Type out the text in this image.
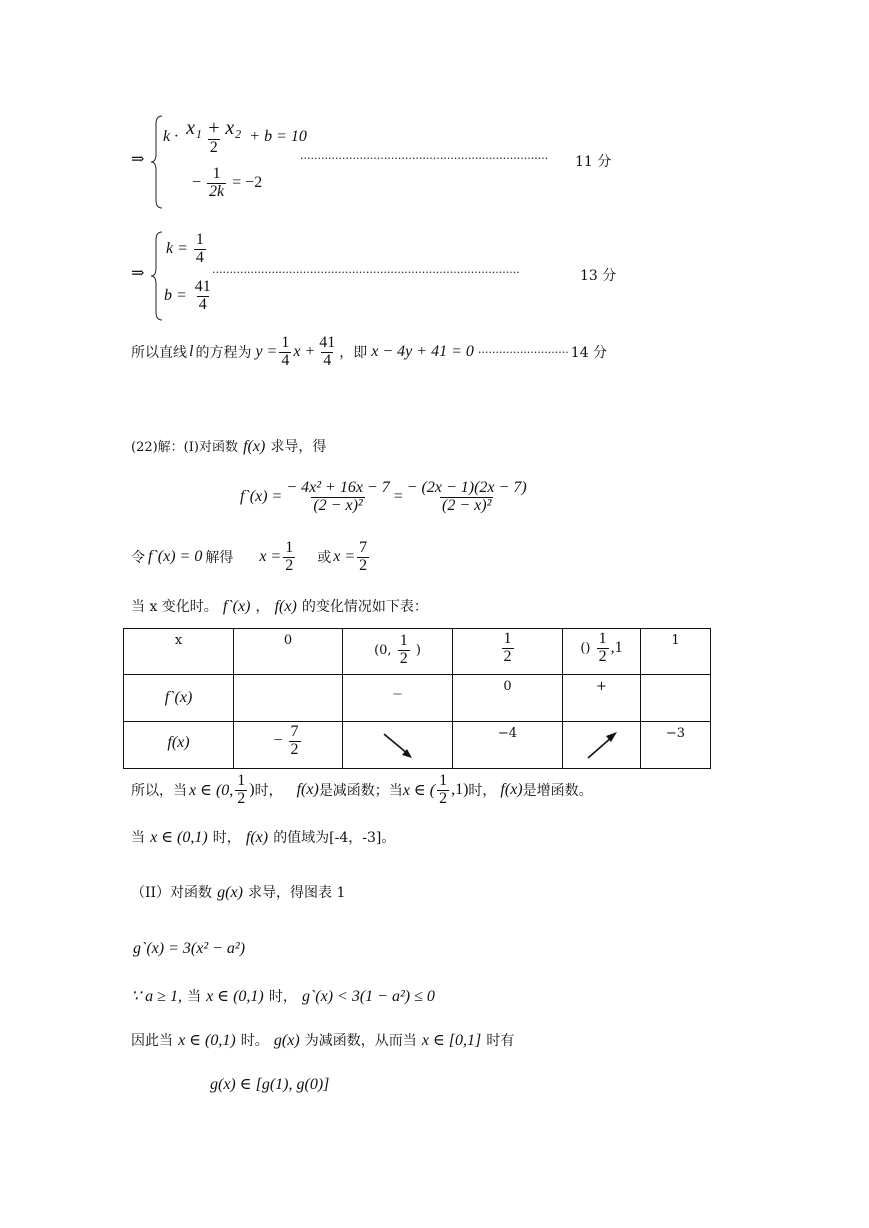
⇒
$k \cdot \frac{\text{x₁ + x₂}}{2} + b = 10$
− $\frac{1}{2k} = -2$
·······································································	11 分
⇒
$k = \frac{1}{4}$
$b = \frac{41}{4}$
························································································	13 分
所以直线 l 的方程为 $y = \frac{1}{4}$ $x + \frac{41}{4}$ ，即 x − 4y + 41 = 0 ·························· 14 分
(22)解：(Ⅰ)对函数 f(x) 求导，得
f`(x) = $\frac{\text{− 4x² + 16x − 7}}{\text{(2 − x)²}} = \frac{- (2x - 1)(2x - 7)}{\text{(2 − x)²}}$
令 f`(x) = 0 解得 $x = \frac{1}{2}$ 或 $x = \frac{7}{2}$
当 x 变化时。 f`(x) ， f(x) 的变化情况如下表：
x	0	(0, $\frac{1}{2}$ )	$\frac{1}{2}$	() $\frac{1}{2} ,1$	1

f`(x)		−	0	+	

f(x)	− $\frac{7}{2}$		−4		−3
所以，当 x ∈ (0, $\frac{1}{2}$ ) 时， f(x) 是减函数；当 x ∈ ( $\frac{1}{2} ,1$) 时， f(x) 是增函数。
当 x ∈ (0,1) 时， f(x) 的值域为[-4，-3]。
（II）对函数 g(x) 求导，得图表 1
g`(x) = 3(x² − a²)
∵ a ≥ 1, 当 x ∈ (0,1) 时， g`(x) < 3(1 − a²) ≤ 0
因此当 x ∈ (0,1) 时。 g(x) 为减函数，从而当 x ∈ [0,1] 时有
g(x) ∈ [g(1), g(0)]
